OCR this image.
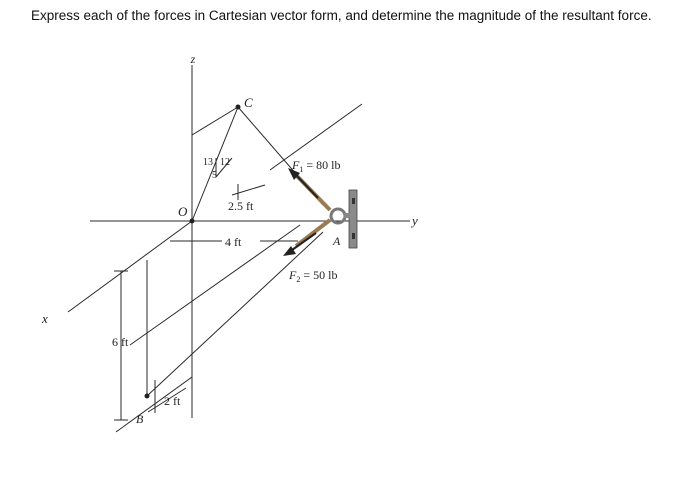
Express each of the forces in Cartesian vector form, and determine the magnitude of the resultant force.
z
y
x
O
C
A
B
13 12
5
2.5 ft
4 ft
6 ft
2 ft
$F_1 = 80$ lb
$F_2 = 50$ lb
